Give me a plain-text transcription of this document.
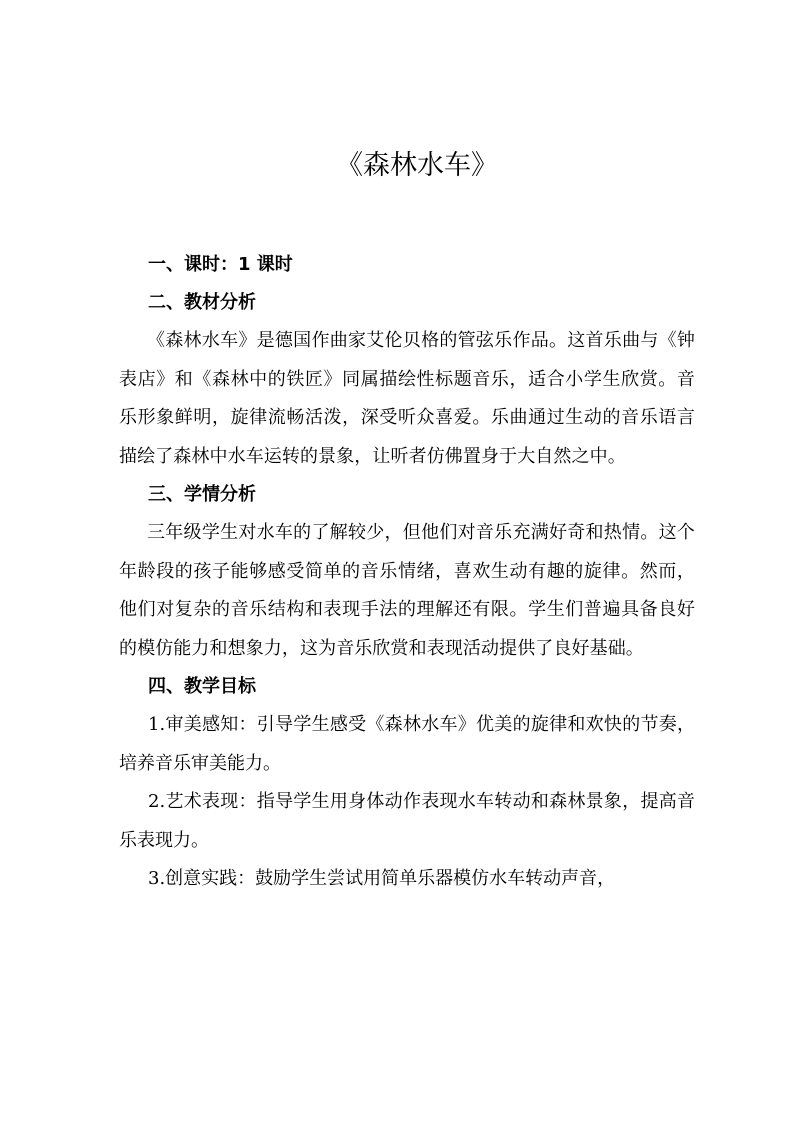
《森林水车》
一、课时：1 课时
二、教材分析

《森林水车》是德国作曲家艾伦贝格的管弦乐作品。这首乐曲与《钟表店》和《森林中的铁匠》同属描绘性标题音乐，适合小学生欣赏。音乐形象鲜明，旋律流畅活泼，深受听众喜爱。乐曲通过生动的音乐语言描绘了森林中水车运转的景象，让听者仿佛置身于大自然之中。

三、学情分析

三年级学生对水车的了解较少，但他们对音乐充满好奇和热情。这个年龄段的孩子能够感受简单的音乐情绪，喜欢生动有趣的旋律。然而，他们对复杂的音乐结构和表现手法的理解还有限。学生们普遍具备良好的模仿能力和想象力，这为音乐欣赏和表现活动提供了良好基础。

四、教学目标

1.审美感知：引导学生感受《森林水车》优美的旋律和欢快的节奏，培养音乐审美能力。

2.艺术表现：指导学生用身体动作表现水车转动和森林景象，提高音乐表现力。

3.创意实践：鼓励学生尝试用简单乐器模仿水车转动声音，
